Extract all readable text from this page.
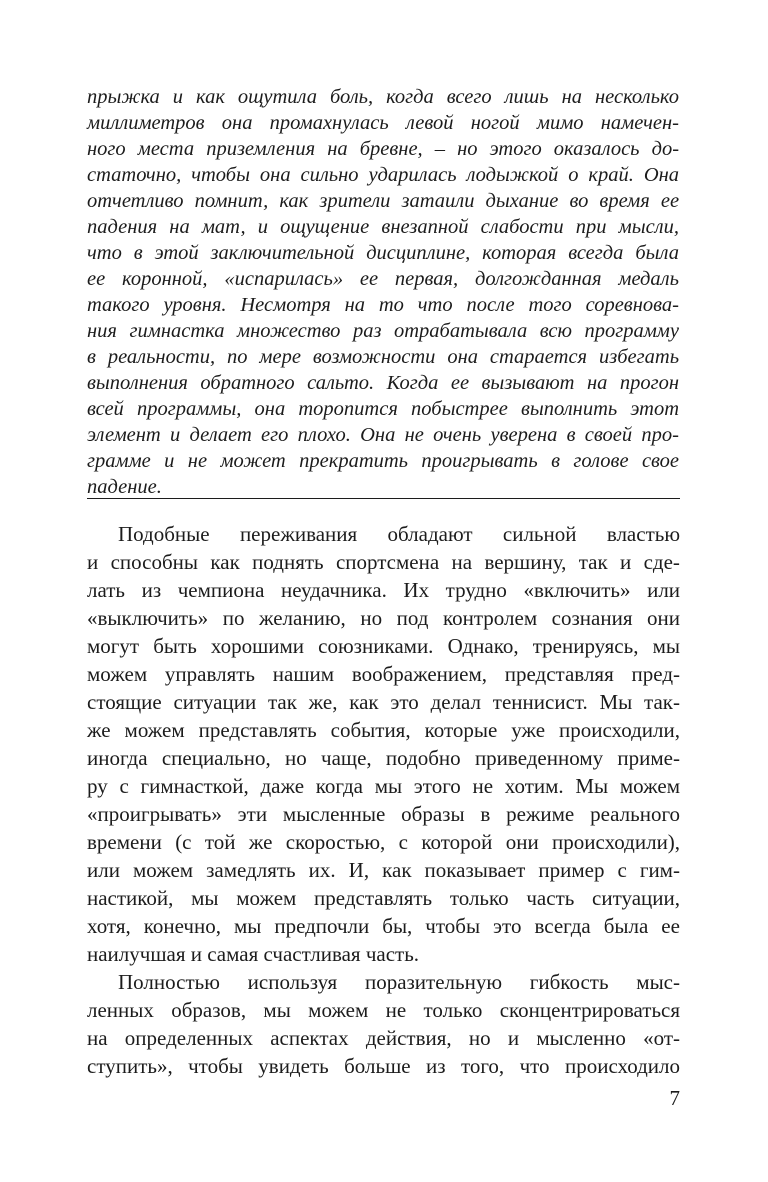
прыжка и как ощутила боль, когда всего лишь на несколько
миллиметров она промахнулась левой ногой мимо намечен-
ного места приземления на бревне, – но этого оказалось до-
статочно, чтобы она сильно ударилась лодыжкой о край. Она
отчетливо помнит, как зрители затаили дыхание во время ее
падения на мат, и ощущение внезапной слабости при мысли,
что в этой заключительной дисциплине, которая всегда была
ее коронной, «испарилась» ее первая, долгожданная медаль
такого уровня. Несмотря на то что после того соревнова-
ния гимнастка множество раз отрабатывала всю программу
в реальности, по мере возможности она старается избегать
выполнения обратного сальто. Когда ее вызывают на прогон
всей программы, она торопится побыстрее выполнить этот
элемент и делает его плохо. Она не очень уверена в своей про-
грамме и не может прекратить проигрывать в голове свое
падение.
Подобные переживания обладают сильной властью
и способны как поднять спортсмена на вершину, так и сде-
лать из чемпиона неудачника. Их трудно «включить» или
«выключить» по желанию, но под контролем сознания они
могут быть хорошими союзниками. Однако, тренируясь, мы
можем управлять нашим воображением, представляя пред-
стоящие ситуации так же, как это делал теннисист. Мы так-
же можем представлять события, которые уже происходили,
иногда специально, но чаще, подобно приведенному приме-
ру с гимнасткой, даже когда мы этого не хотим. Мы можем
«проигрывать» эти мысленные образы в режиме реального
времени (с той же скоростью, с которой они происходили),
или можем замедлять их. И, как показывает пример с гим-
настикой, мы можем представлять только часть ситуации,
хотя, конечно, мы предпочли бы, чтобы это всегда была ее
наилучшая и самая счастливая часть.
Полностью используя поразительную гибкость мыс-
ленных образов, мы можем не только сконцентрироваться
на определенных аспектах действия, но и мысленно «от-
ступить», чтобы увидеть больше из того, что происходило
7
